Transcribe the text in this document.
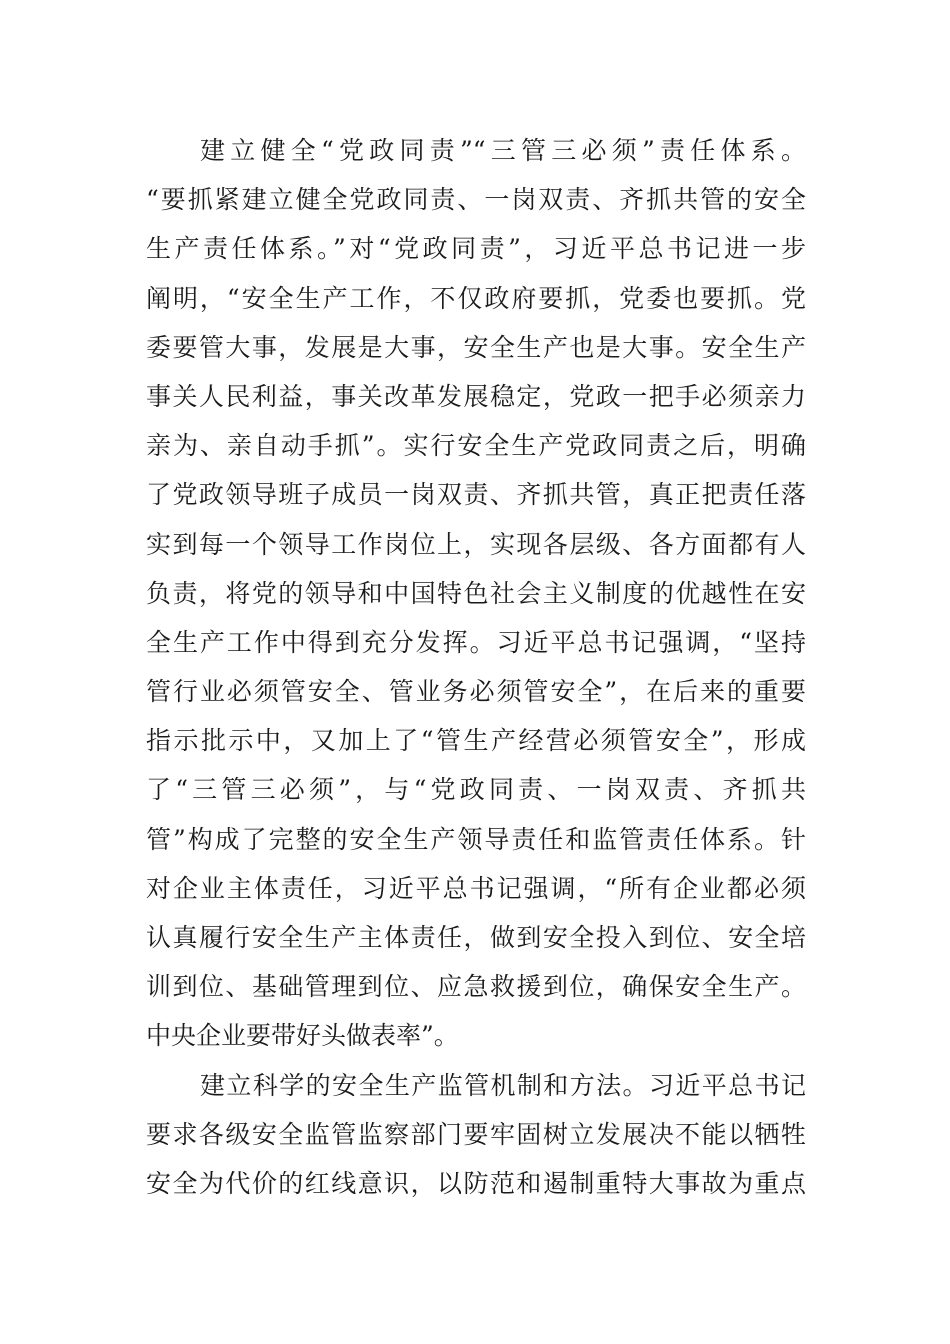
建立健全“党政同责”“三管三必须”责任体系。
“要抓紧建立健全党政同责、一岗双责、齐抓共管的安全
生产责任体系。”对“党政同责”，习近平总书记进一步
阐明，“安全生产工作，不仅政府要抓，党委也要抓。党
委要管大事，发展是大事，安全生产也是大事。安全生产
事关人民利益，事关改革发展稳定，党政一把手必须亲力
亲为、亲自动手抓”。实行安全生产党政同责之后，明确
了党政领导班子成员一岗双责、齐抓共管，真正把责任落
实到每一个领导工作岗位上，实现各层级、各方面都有人
负责，将党的领导和中国特色社会主义制度的优越性在安
全生产工作中得到充分发挥。习近平总书记强调，“坚持
管行业必须管安全、管业务必须管安全”，在后来的重要
指示批示中，又加上了“管生产经营必须管安全”，形成
了“三管三必须”，与“党政同责、一岗双责、齐抓共
管”构成了完整的安全生产领导责任和监管责任体系。针
对企业主体责任，习近平总书记强调，“所有企业都必须
认真履行安全生产主体责任，做到安全投入到位、安全培
训到位、基础管理到位、应急救援到位，确保安全生产。
中央企业要带好头做表率”。
建立科学的安全生产监管机制和方法。习近平总书记
要求各级安全监管监察部门要牢固树立发展决不能以牺牲
安全为代价的红线意识，以防范和遏制重特大事故为重点
